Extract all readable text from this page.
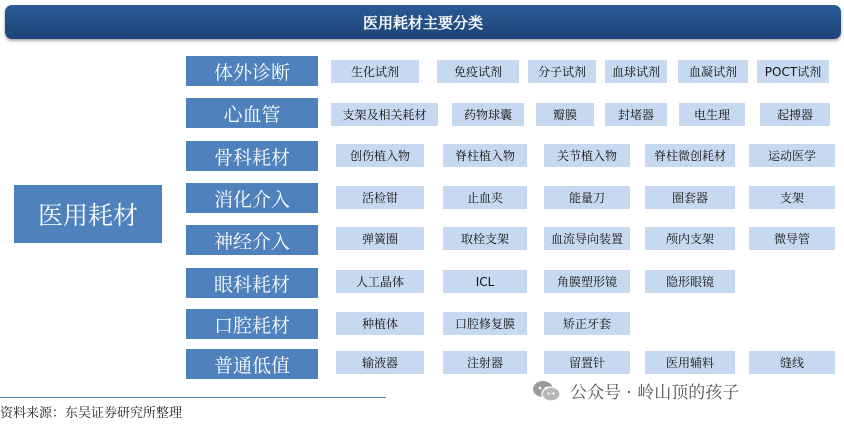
医用耗材主要分类
医用耗材
体外诊断	生化试剂	免疫试剂	分子试剂	血球试剂	血凝试剂	POCT试剂
心血管	支架及相关耗材	药物球囊	瓣膜	封堵器	电生理	起搏器
骨科耗材	创伤植入物	脊柱植入物	关节植入物	脊柱微创耗材	运动医学
消化介入	活检钳	止血夹	能量刀	圈套器	支架
神经介入	弹簧圈	取栓支架	血流导向装置	颅内支架	微导管
眼科耗材	人工晶体	ICL	角膜塑形镜	隐形眼镜
口腔耗材	种植体	口腔修复膜	矫正牙套
普通低值	输液器	注射器	留置针	医用辅料	缝线
资料来源：东吴证券研究所整理
公众号 · 岭山顶的孩子
